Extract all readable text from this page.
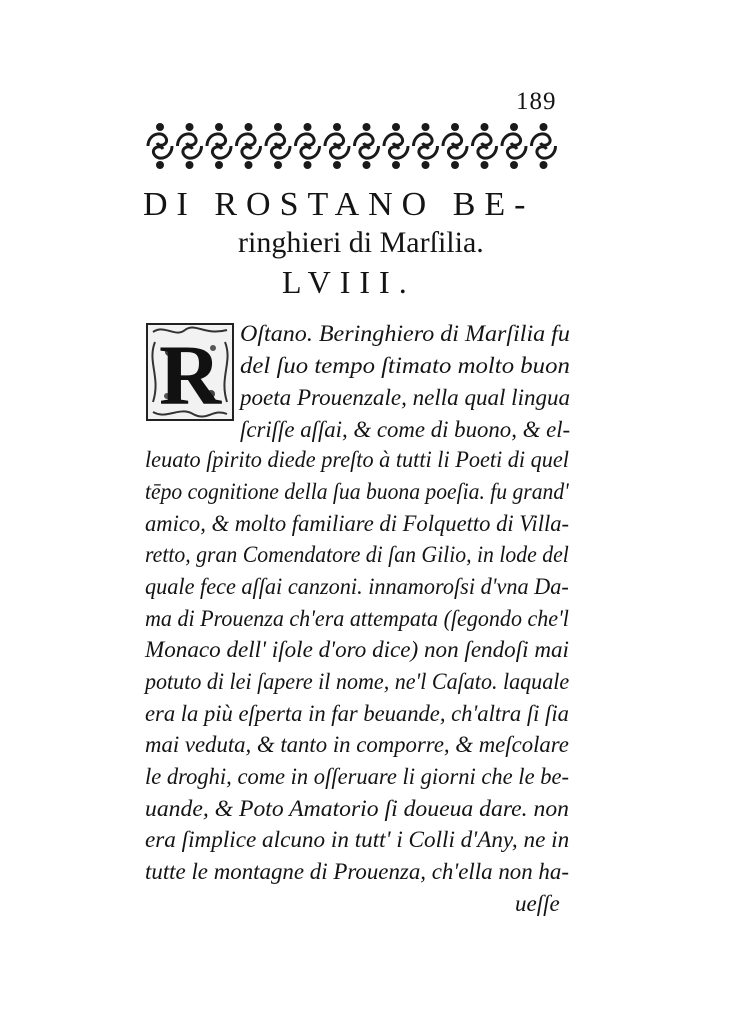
189
DI ROSTANO BE-
ringhieri di Marſilia.
LVIII.
R Oſtano. Beringhiero di Marſilia fu
del ſuo tempo ſtimato molto buon
poeta Prouenzale, nella qual lingua
ſcriſſe aſſai, & come di buono, & el-
leuato ſpirito diede preſto à tutti li Poeti di quel
tēpo cognitione della ſua buona poeſia. fu grand'
amico, & molto familiare di Folquetto di Villa-
retto, gran Comendatore di ſan Gilio, in lode del
quale fece aſſai canzoni. innamoroſsi d'vna Da-
ma di Prouenza ch'era attempata (ſegondo che'l
Monaco dell' iſole d'oro dice) non ſendoſi mai
potuto di lei ſapere il nome, ne'l Caſato. laquale
era la più eſperta in far beuande, ch'altra ſi ſia
mai veduta, & tanto in comporre, & meſcolare
le droghi, come in oſſeruare li giorni che le be-
uande, & Poto Amatorio ſi doueua dare. non
era ſimplice alcuno in tutt' i Colli d'Any, ne in
tutte le montagne di Prouenza, ch'ella non ha-
ueſſe
